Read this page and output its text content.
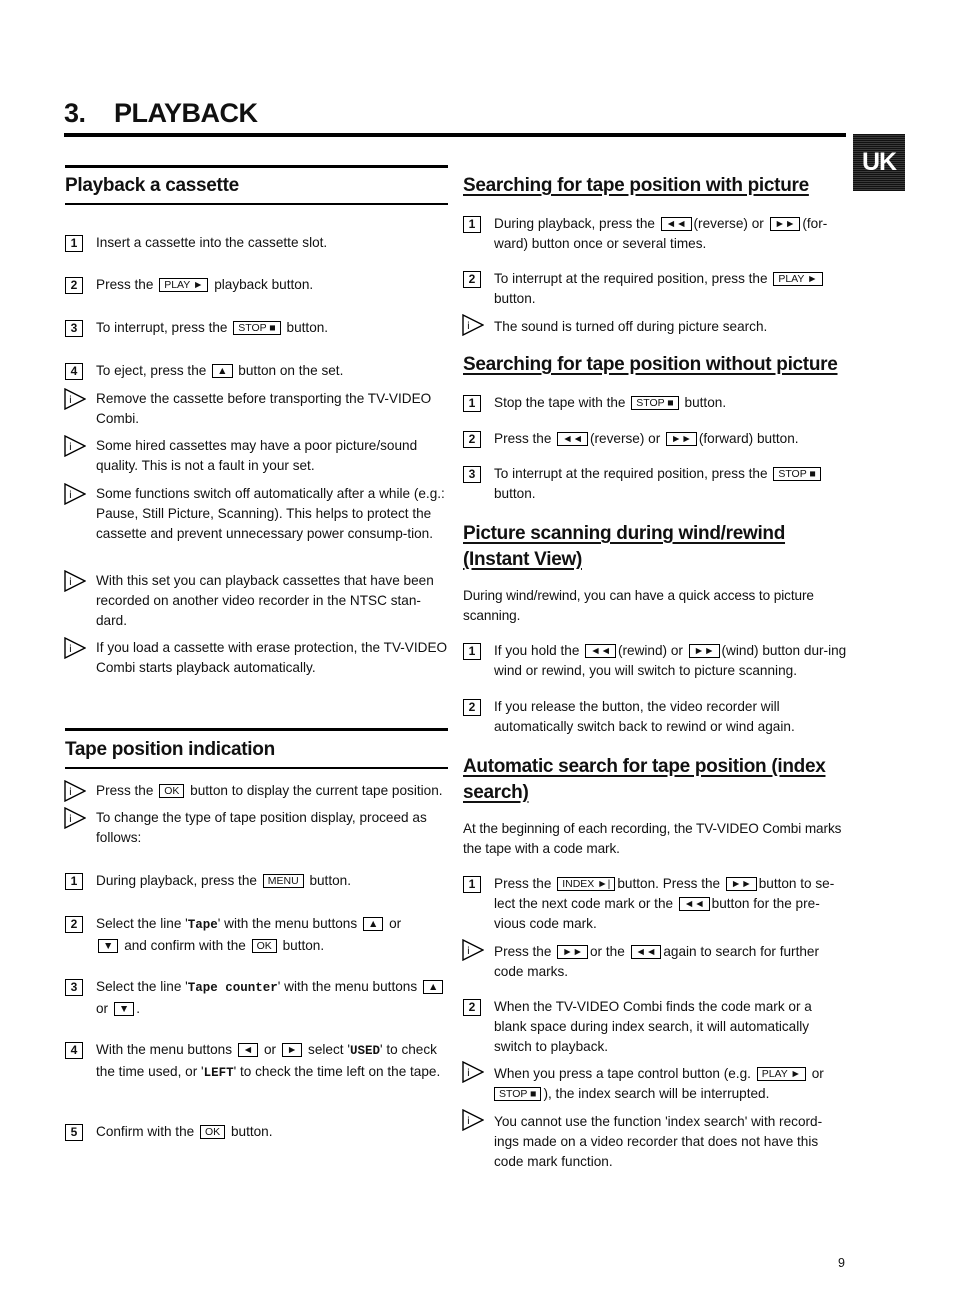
3. PLAYBACK
UK
Playback a cassette
1 Insert a cassette into the cassette slot.
2 Press the PLAY ► playback button.
3 To interrupt, press the STOP ■ button.
4 To eject, press the ▲ button on the set.
i Remove the cassette before transporting the TV-VIDEO Combi.
i Some hired cassettes may have a poor picture/sound quality. This is not a fault in your set.
i Some functions switch off automatically after a while (e.g.: Pause, Still Picture, Scanning). This helps to protect the cassette and prevent unnecessary power consump-tion.
i With this set you can playback cassettes that have been recorded on another video recorder in the NTSC stan-dard.
i If you load a cassette with erase protection, the TV-VIDEO Combi starts playback automatically.
Tape position indication
i Press the OK button to display the current tape position.
i To change the type of tape position display, proceed as follows:
1 During playback, press the MENU button.
2 Select the line 'Tape' with the menu buttons ▲ or
▼ and confirm with the OK button.
3 Select the line 'Tape counter' with the menu buttons ▲or ▼ .
4 With the menu buttons ◄ or ► select 'USED' to check the time used, or 'LEFT' to check the time left on the tape.
5 Confirm with the OK button.
Searching for tape position with picture
1 During playback, press the ◄◄ (reverse) or ►► (for-ward) button once or several times.
2 To interrupt at the required position, press the PLAY ► button.
i The sound is turned off during picture search.
Searching for tape position without picture
1 Stop the tape with the STOP ■ button.
2 Press the ◄◄ (reverse) or ►► (forward) button.
3 To interrupt at the required position, press the STOP ■ button.
Picture scanning during wind/rewind
(Instant View)
During wind/rewind, you can have a quick access to picture scanning.
1 If you hold the ◄◄ (rewind) or ►► (wind) button dur-ing wind or rewind, you will switch to picture scanning.
2 If you release the button, the video recorder will automatically switch back to rewind or wind again.
Automatic search for tape position (index
search)
At the beginning of each recording, the TV-VIDEO Combi marks the tape with a code mark.
1 Press the INDEX ►| button. Press the ►► button to se-lect the next code mark or the ◄◄ button for the pre-vious code mark.
i Press the ►► or the ◄◄ again to search for further code marks.
2 When the TV-VIDEO Combi finds the code mark or a blank space during index search, it will automatically switch to playback.
i When you press a tape control button (e.g. PLAY ► or
STOP ■ ), the index search will be interrupted.
i You cannot use the function 'index search' with record-ings made on a video recorder that does not have this code mark function.
9
